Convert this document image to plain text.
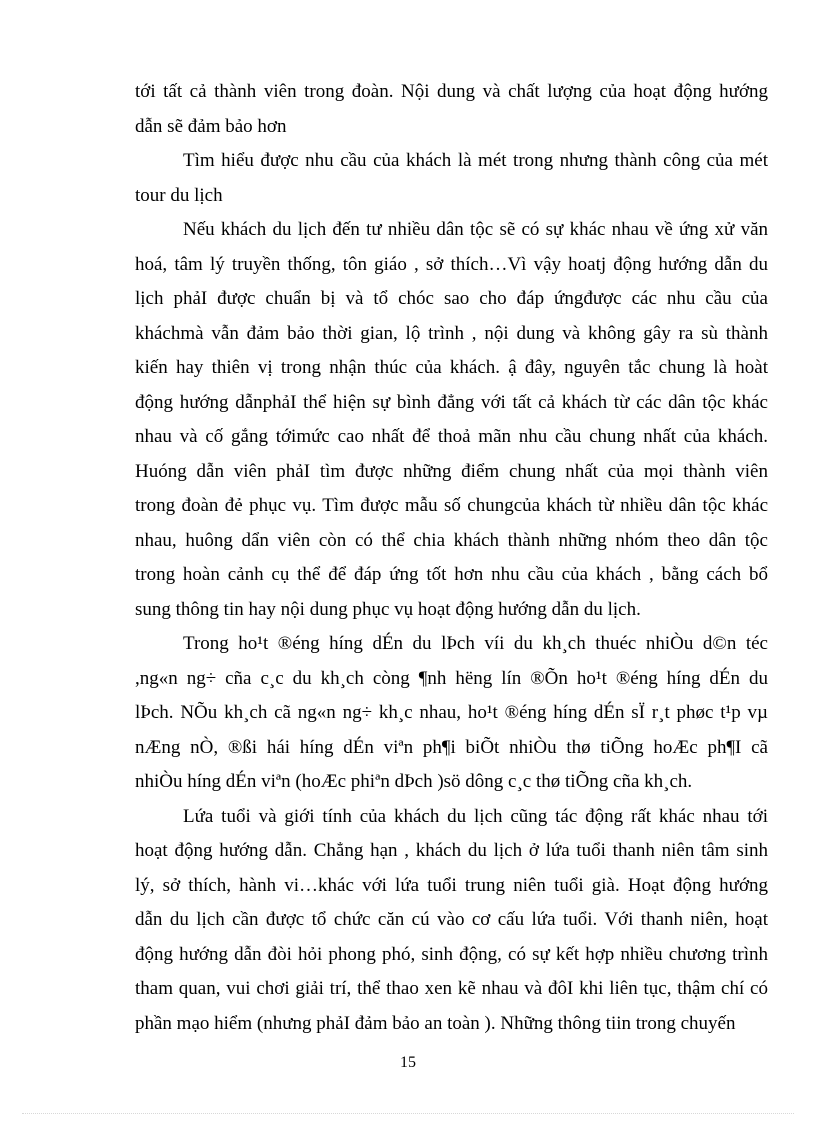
tới tất cả thành viên trong đoàn. Nội dung và chất lượng của hoạt động hướng
dẫn sẽ đảm bảo hơn
Tìm hiểu được nhu cầu của khách là mét trong nhưng thành công của mét
tour du lịch
Nếu khách du lịch đến tư nhiều dân tộc sẽ có sự khác nhau về ứng xử văn
hoá, tâm lý truyền thống, tôn giáo , sở thích…Vì vậy hoatj động hướng dẫn du
lịch phảI được chuẩn bị và tổ chóc sao cho đáp ứngđược các nhu cầu của
kháchmà vẫn đảm bảo thời gian, lộ trình , nội dung và không gây ra sù thành
kiến hay thiên vị trong nhận thúc của khách. ậ đây, nguyên tắc chung là hoàt
động hướng dẫnphảI thể hiện sự bình đẳng với tất cả khách từ các dân tộc khác
nhau và cố gắng tớimức cao nhất để thoả mãn nhu cầu chung nhất của khách.
Huóng dẫn viên phảI tìm được những điểm chung nhất của mọi thành viên
trong đoàn đẻ phục vụ. Tìm được mẫu số chungcủa khách từ nhiều dân tộc khác
nhau, huông dẩn viên còn có thể chia khách thành những nhóm theo dân tộc
trong hoàn cảnh cụ thể để đáp ứng tốt hơn nhu cầu của khách , bằng cách bổ
sung thông tin hay nội dung phục vụ hoạt động hướng dẫn du lịch.
Trong ho¹t ®éng híng dÉn du lÞch víi du kh¸ch thuéc nhiÒu d©n téc
,ng«n ng÷ cña c¸c du kh¸ch còng ¶nh hëng lín ®Õn ho¹t ®éng híng dÉn du
lÞch. NÕu kh¸ch cã ng«n ng÷ kh¸c nhau, ho¹t ®éng híng dÉn sÏ r¸t phøc t¹p vµ
nÆng nÒ, ®ßi hái híng dÉn viªn ph¶i biÕt nhiÒu thø tiÕng hoÆc ph¶I cã
nhiÒu híng dÉn viªn (hoÆc phiªn dÞch )sö dông c¸c thø tiÕng cña kh¸ch.
Lứa tuổi và giới tính của khách du lịch cũng tác động rất khác nhau tới
hoạt động hướng dẫn. Chẳng hạn , khách du lịch ở lứa tuổi thanh niên tâm sinh
lý, sở thích, hành vi…khác với lứa tuổi trung niên tuổi già. Hoạt động hướng
dẫn du lịch cần được tổ chức căn cú vào cơ cấu lứa tuổi. Với thanh niên, hoạt
động hướng dẫn đòi hỏi phong phó, sinh động, có sự kết hợp nhiều chương trình
tham quan, vui chơi giải trí, thể thao xen kẽ nhau và đôI khi liên tục, thậm chí có
phần mạo hiểm (nhưng phảI đảm bảo an toàn ). Những thông tiin trong chuyến
15
